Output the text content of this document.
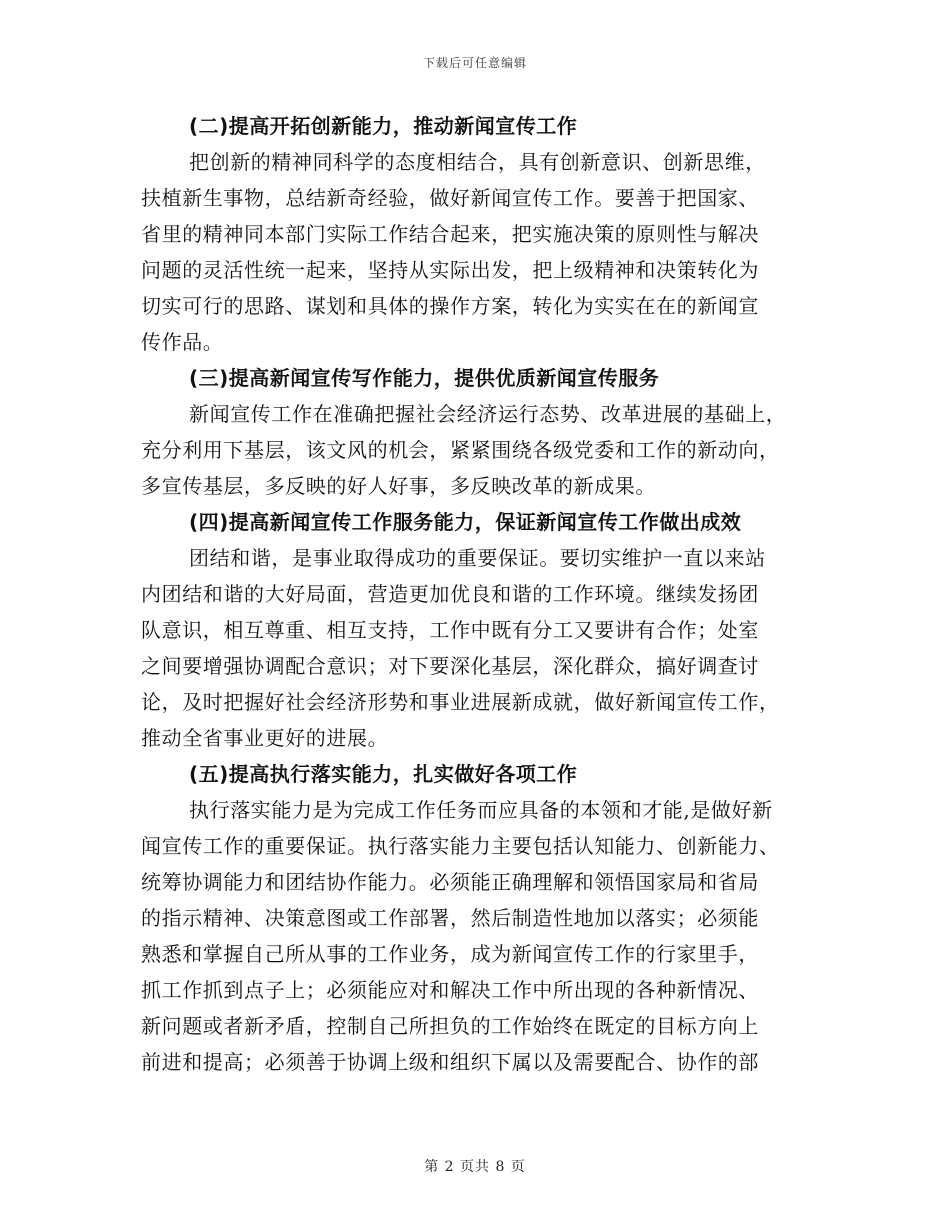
下载后可任意编辑

(二)提高开拓创新能力，推动新闻宣传工作

把创新的精神同科学的态度相结合，具有创新意识、创新思维，
扶植新生事物，总结新奇经验，做好新闻宣传工作。要善于把国家、
省里的精神同本部门实际工作结合起来，把实施决策的原则性与解决
问题的灵活性统一起来，坚持从实际出发，把上级精神和决策转化为
切实可行的思路、谋划和具体的操作方案，转化为实实在在的新闻宣
传作品。

(三)提高新闻宣传写作能力，提供优质新闻宣传服务

新闻宣传工作在准确把握社会经济运行态势、改革进展的基础上，
充分利用下基层，该文风的机会，紧紧围绕各级党委和工作的新动向，
多宣传基层，多反映的好人好事，多反映改革的新成果。

(四)提高新闻宣传工作服务能力，保证新闻宣传工作做出成效

团结和谐，是事业取得成功的重要保证。要切实维护一直以来站
内团结和谐的大好局面，营造更加优良和谐的工作环境。继续发扬团
队意识，相互尊重、相互支持，工作中既有分工又要讲有合作；处室
之间要增强协调配合意识；对下要深化基层，深化群众，搞好调查讨
论，及时把握好社会经济形势和事业进展新成就，做好新闻宣传工作，
推动全省事业更好的进展。

(五)提高执行落实能力，扎实做好各项工作

执行落实能力是为完成工作任务而应具备的本领和才能,是做好新
闻宣传工作的重要保证。执行落实能力主要包括认知能力、创新能力、
统筹协调能力和团结协作能力。必须能正确理解和领悟国家局和省局
的指示精神、决策意图或工作部署，然后制造性地加以落实；必须能
熟悉和掌握自己所从事的工作业务，成为新闻宣传工作的行家里手，
抓工作抓到点子上；必须能应对和解决工作中所出现的各种新情况、
新问题或者新矛盾，控制自己所担负的工作始终在既定的目标方向上
前进和提高；必须善于协调上级和组织下属以及需要配合、协作的部

第 2 页共 8 页
